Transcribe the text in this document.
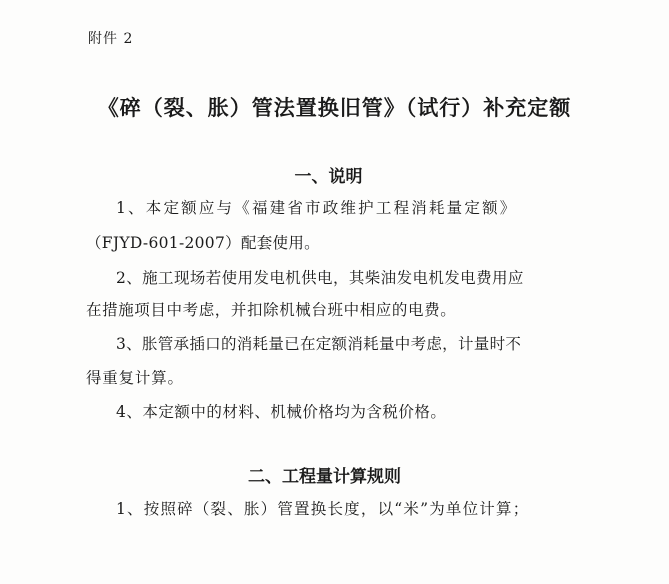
附件 2
《碎（裂、胀）管法置换旧管》（试行）补充定额
一、说明
1、本定额应与《福建省市政维护工程消耗量定额》
（FJYD-601-2007）配套使用。
2、施工现场若使用发电机供电，其柴油发电机发电费用应
在措施项目中考虑，并扣除机械台班中相应的电费。
3、胀管承插口的消耗量已在定额消耗量中考虑，计量时不
得重复计算。
4、本定额中的材料、机械价格均为含税价格。
二、工程量计算规则
1、按照碎（裂、胀）管置换长度，以“米”为单位计算；
